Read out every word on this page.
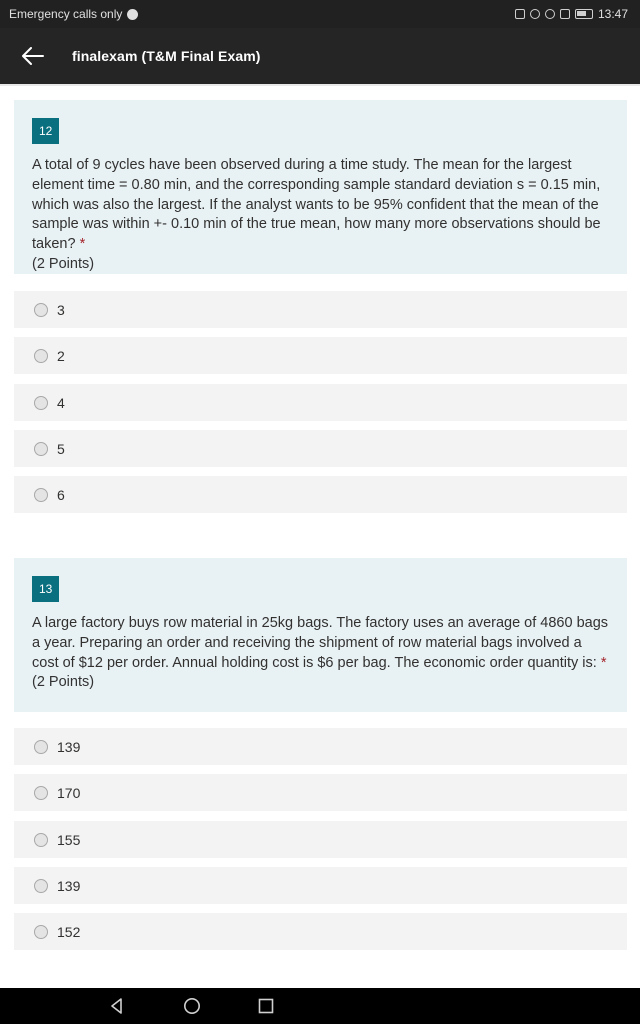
Emergency calls only	13:47
finalexam (T&M Final Exam)
12
A total of 9 cycles have been observed during a time study. The mean for the largest element time = 0.80 min, and the corresponding sample standard deviation s = 0.15 min, which was also the largest. If the analyst wants to be 95% confident that the mean of the sample was within +- 0.10 min of the true mean, how many more observations should be taken? *
(2 Points)
3
2
4
5
6
13
A large factory buys row material in 25kg bags. The factory uses an average of 4860 bags a year. Preparing an order and receiving the shipment of row material bags involved a cost of $12 per order. Annual holding cost is $6 per bag. The economic order quantity is: *
(2 Points)
139
170
155
139
152
